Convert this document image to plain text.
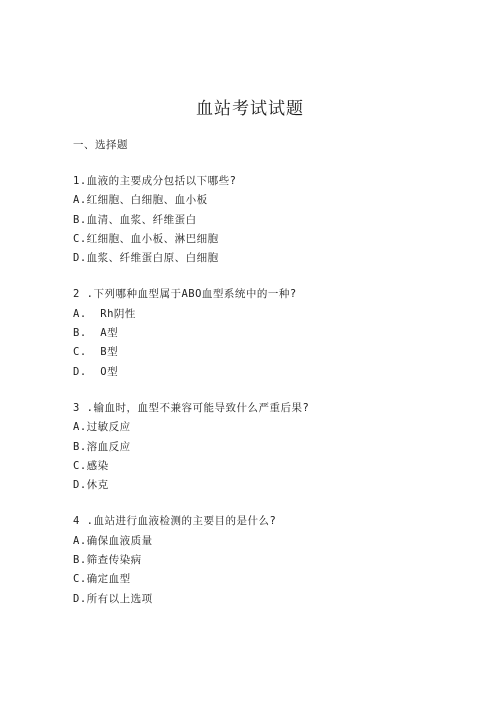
血站考试试题
一、选择题
1.血液的主要成分包括以下哪些?
A.红细胞、白细胞、血小板
B.血清、血浆、纤维蛋白
C.红细胞、血小板、淋巴细胞
D.血浆、纤维蛋白原、白细胞
2 .下列哪种血型属于ABO血型系统中的一种?
A.  Rh阴性
B.  A型
C.  B型
D.  O型
3 .输血时，血型不兼容可能导致什么严重后果?
A.过敏反应
B.溶血反应
C.感染
D.休克
4 .血站进行血液检测的主要目的是什么?
A.确保血液质量
B.筛查传染病
C.确定血型
D.所有以上选项
